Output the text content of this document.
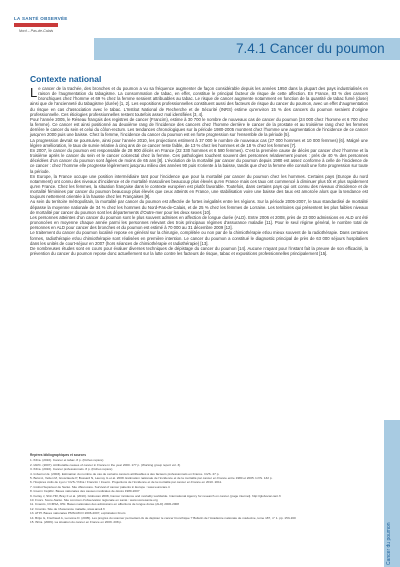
LA SANTÉ OBSERVÉE
Nord – Pas-de-Calais
7.4.1 Cancer du poumon
Contexte national

Le cancer de la trachée, des bronches et du poumon a vu sa fréquence augmenter de façon considérable depuis les années 1950 dans la plupart des pays industrialisés en raison de l’augmentation du tabagisme. La consommation de tabac, en effet, constitue le principal facteur de risque de cette affection. En France, 83 % des cancers bronchiques chez l’homme et 69 % chez la femme seraient attribuables au tabac. Le risque de cancer augmente notamment en fonction de la quantité de tabac fumé (dose) ainsi que de l’ancienneté du tabagisme (durée) [1, 2]. Les expositions professionnelles constituent aussi des facteurs de risque du cancer du poumon, avec un effet d’augmentation du risque en cas d’association avec le tabac. L’Institut National de Recherche et de Sécurité (INRS) estime qu’environ 15 % des cancers du poumon seraient d’origine professionnelle. Ces étiologies professionnelles restent toutefois assez mal identifiées [3, 4].

Pour l’année 2005, le Réseau français des registres de cancer (Francim), estime à 30 700 le nombre de nouveaux cas de cancer du poumon (24 000 chez l’homme et 6 700 chez la femme). Ce cancer est ainsi positionné au deuxième rang de l’incidence des cancers chez l’homme derrière le cancer de la prostate et au troisième rang chez les femmes derrière le cancer du sein et celui du côlon-rectum. Les tendances chronologiques sur la période 1980-2005 montrent chez l’homme une augmentation de l’incidence de ce cancer jusqu’en 2000 puis une baisse. Chez la femme, l’incidence du cancer du poumon est en forte progression sur l’ensemble de la période [5].

La progression devrait se poursuivre, ainsi pour l’année 2010, les projections estiment à 37 000 le nombre de nouveaux cas (27 000 hommes et 10 000 femmes) [6]. Malgré une légère amélioration, le taux de survie relative à cinq ans de ce cancer reste faible, de 13 % chez les hommes et de 18 % chez les femmes [7].

En 2007, le cancer du poumon est responsable de 28 900 décès en France (22 330 hommes et 6 580 femmes). C’est la première cause de décès par cancer chez l’homme et la troisième après le cancer du sein et le cancer colorectal chez la femme. Ces pathologies touchent souvent des personnes relativement jeunes : près de 40 % des personnes décédées d’un cancer du poumon sont âgées de moins de 65 ans [8]. L’évolution de la mortalité par cancer du poumon depuis 1980 est assez conforme à celle de l’incidence de ce cancer : chez l’homme elle progresse légèrement jusqu’au milieu des années 90 puis s’oriente à la baisse, tandis que chez la femme elle connaît une forte progression sur toute la période.

En Europe, la France occupe une position intermédiaire tant pour l’incidence que pour la mortalité par cancer du poumon chez les hommes. Certains pays (Europe du nord notamment) ont connu des niveaux d’incidence et de mortalité masculines beaucoup plus élevés qu’en France mais ces taux ont commencé à diminuer plus tôt et plus rapidement qu’en France. Chez les femmes, la situation française dans le contexte européen est plutôt favorable. Toutefois, dans certains pays qui ont connu des niveaux d’incidence et de mortalité féminines par cancer du poumon beaucoup plus élevés que ceux atteints en France, une stabilisation voire une baisse des taux est amorcée alors que la tendance est toujours nettement orientée à la hausse chez les Françaises [9].

Au sein du territoire métropolitain, la mortalité par cancer du poumon est affectée de fortes inégalités entre les régions. Sur la période 2005-2007, le taux standardisé de mortalité dépasse la moyenne nationale de 34 % chez les hommes du Nord-Pas-de-Calais, et de 25 % chez les femmes de Lorraine. Les territoires qui présentent les plus faibles niveaux de mortalité par cancer du poumon sont les départements d’Outre-mer pour les deux sexes [10].

Les personnes atteintes d’un cancer du poumon sont le plus souvent admises en affection de longue durée (ALD). Entre 2006 et 2008, près de 23 000 admissions en ALD ont été prononcées en moyenne chaque année parmi les personnes relevant des trois principaux régimes d’assurance maladie [11]. Pour le seul régime général, le nombre total de personnes en ALD pour cancer des bronches et du poumon est estimé à 70 000 au 31 décembre 2009 [12].

Le traitement du cancer du poumon localisé repose en général sur la chirurgie, complétée ou non par de la chimiothérapie et/ou mieux souvent de la radiothérapie. Dans certaines formes, radiothérapie et/ou chimiothérapie sont réalisées en première intention. Le cancer du poumon a constitué le diagnostic principal de près de 63 000 séjours hospitaliers dans les unités de court-séjour en 2007 (hors séances de chimiothérapie et radiothérapie) [13].

De nombreuses études sont en cours pour évaluer diverses techniques de dépistage du cancer du poumon [14]. Aucune n’ayant pour l’instant fait la preuve de son efficacité, la prévention du cancer du poumon repose donc actuellement sur la lutte contre les facteurs de risque, tabac et expositions professionnelles principalement [15].

Repères bibliographiques et sources

1. INCa. (2010). Cancer et tabac. 8 p. (Fiches repère)

2. IARC. (2007). Attributable causes of cancer in France in the year 2000. 177 p. (Working group report vol. 3)

3. INCa. (2010). Cancer professionnels. 8 p. (Fiches repère)

4. Imbernon E. (2003). Estimation du nombre de cas de certains cancers attribuables à des facteurs professionnels en France. InVS. 27 p.

5. Belot A, Velten M, Grosclaude P, Bossard N, Launoy G et al. 2008. Estimation nationale de l’incidence et de la mortalité par cancer en France entre 1980 et 2005. InVS. 132 p.

6. Hospices civils de Lyon / InVS / INCa / Francim / Inserm. Projections de l’incidence et de la mortalité par cancer en France en 2010. 2011.

7. Institut Supérieur de Santé. Site d’Eurocare. Survival of cancer patients in Europe : www.eurocare.it

8. Inserm CépiDc. Bases nationales des causes médicales de décès 1980-2007

9. Ferlay J, Shin HR, Bray F et al. (2010). Globocan 2008, Cancer incidence and mortality worldwide. International Agency for research on cancer. [page internet]. http://globocan.iarc.fr

10. Fnors. Score-Santé. Site commun d’observation régionale en santé : www.scoresante.org

11. Cnamts, CCMSA, RSI. Bases nationales des admissions en affections de longue durée (ALD) 2006-2008

12. Cnamts. Site de l’Assurance maladie, www.ameli.fr

13. ATIH. Bases nationales PMSI-MCO 2006-2007, exploitation Fnors

14. Brijio G, Fréchaud A, Lemoine D. (2005). Les progrès du scanner permettent-ils de dépister le cancer bronchique ? Bulletin de l’Académie nationale de médecine, tome 187, n° 1. pp. 153-160

15. INCa. (2009). La situation du cancer en France en 2009. 208 p.

Cancer du poumon
